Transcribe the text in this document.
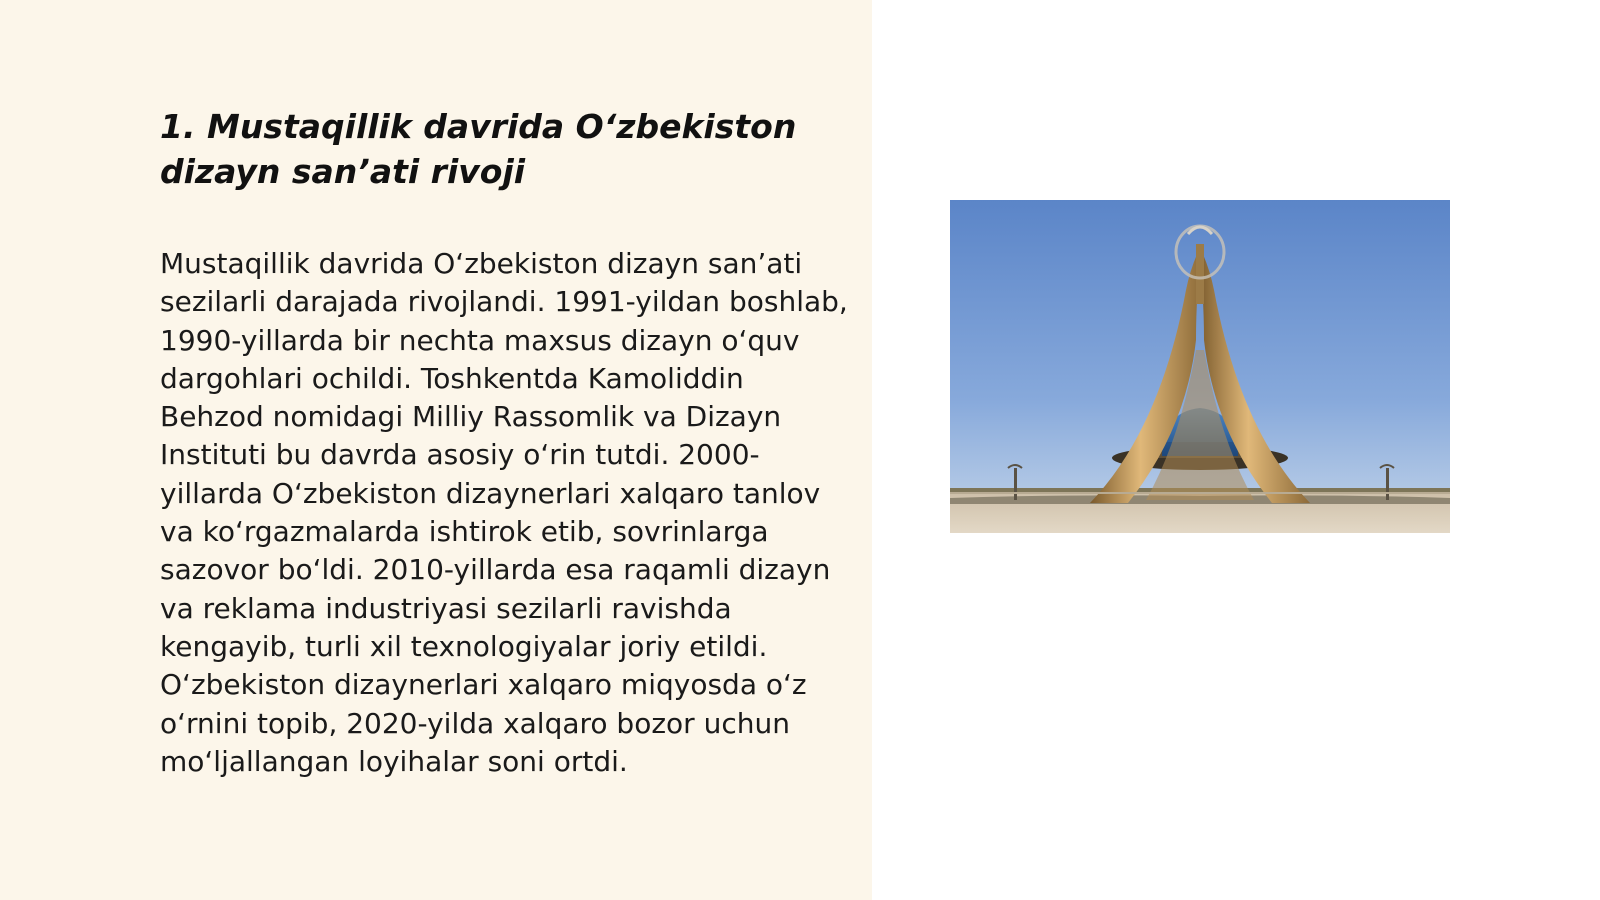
1. Mustaqillik davrida O‘zbekiston dizayn san’ati rivoji

Mustaqillik davrida O‘zbekiston dizayn san’ati sezilarli darajada rivojlandi. 1991-yildan boshlab, 1990-yillarda bir nechta maxsus dizayn o‘quv dargohlari ochildi. Toshkentda Kamoliddin Behzod nomidagi Milliy Rassomlik va Dizayn Instituti bu davrda asosiy o‘rin tutdi. 2000-yillarda O‘zbekiston dizaynerlari xalqaro tanlov va ko‘rgazmalarda ishtirok etib, sovrinlarga sazovor bo‘ldi. 2010-yillarda esa raqamli dizayn va reklama industriyasi sezilarli ravishda kengayib, turli xil texnologiyalar joriy etildi. O‘zbekiston dizaynerlari xalqaro miqyosda o‘z o‘rnini topib, 2020-yilda xalqaro bozor uchun mo‘ljallangan loyihalar soni ortdi.
